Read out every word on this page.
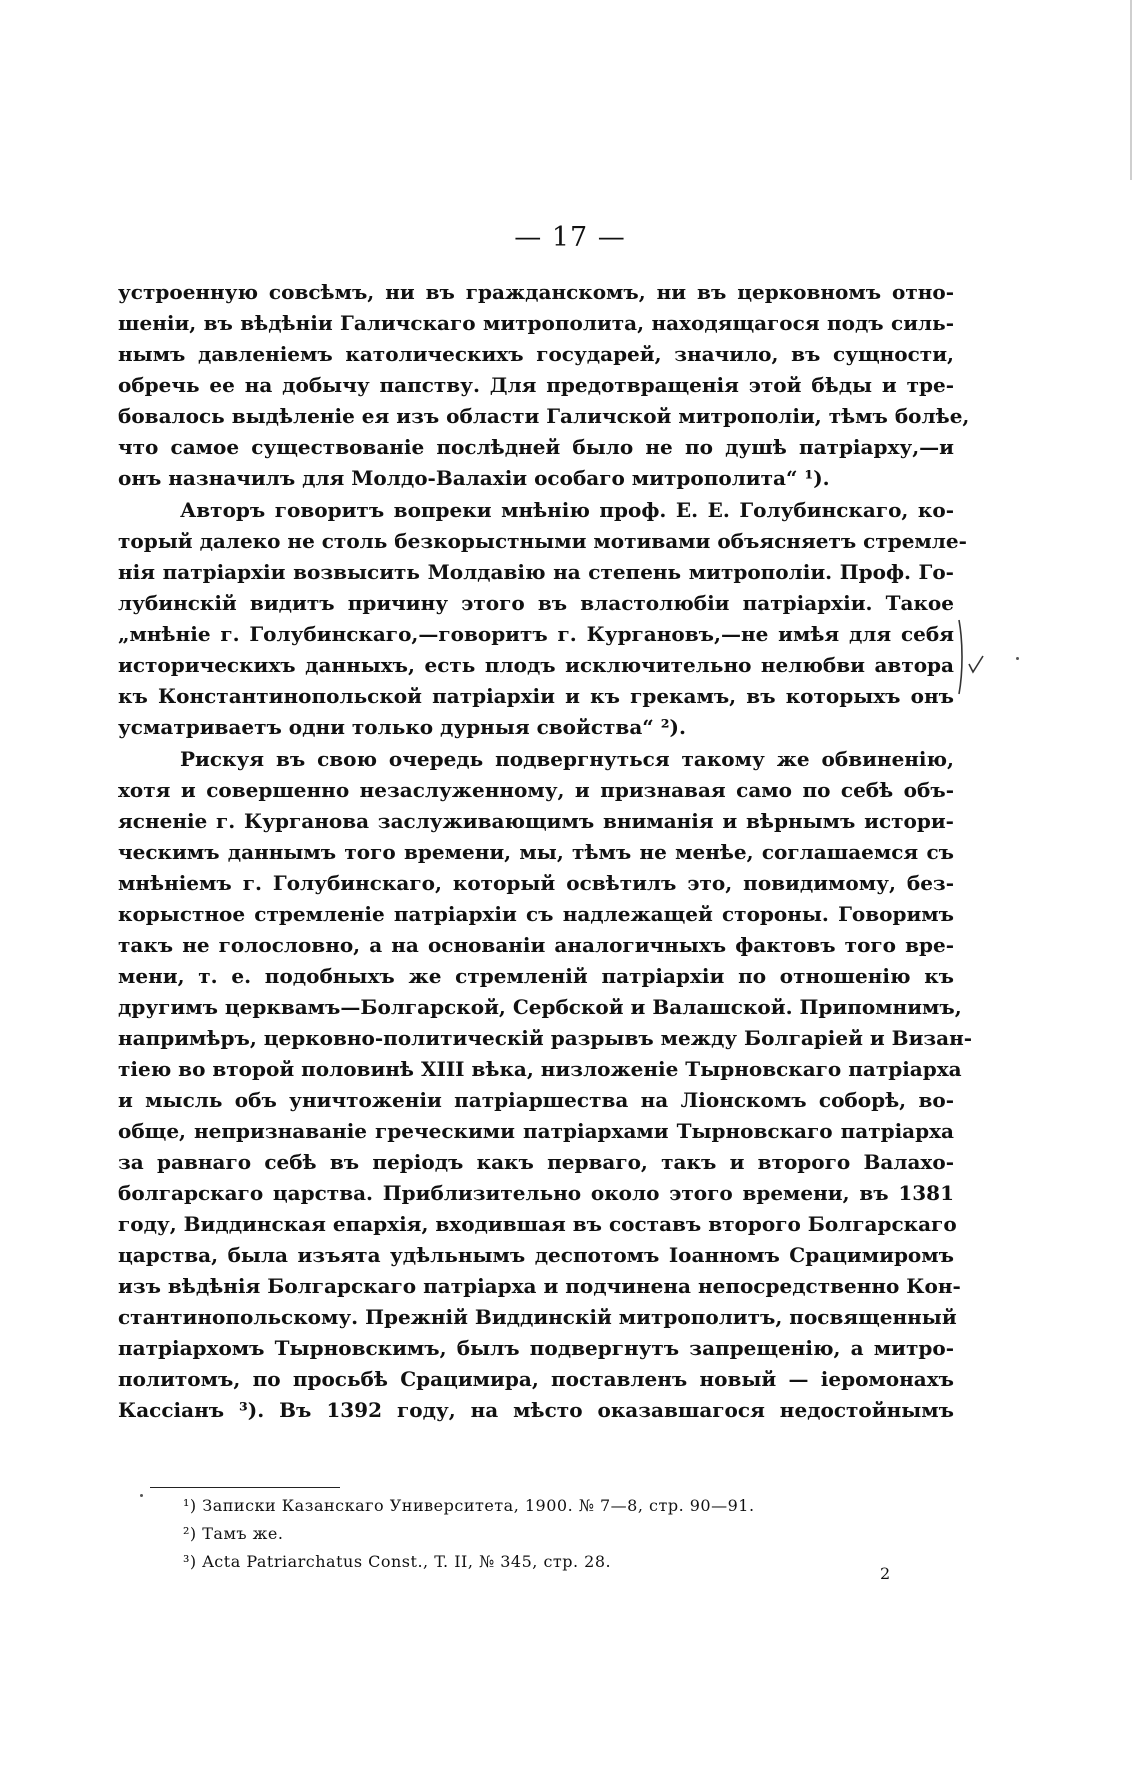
— 17 —
устроенную совсѣмъ, ни въ гражданскомъ, ни въ церковномъ отно-
шеніи, въ вѣдѣніи Галичскаго митрополита, находящагося подъ силь-
нымъ давленіемъ католическихъ государей, значило, въ сущности,
обречь ее на добычу папству. Для предотвращенія этой бѣды и тре-
бовалось выдѣленіе ея изъ области Галичской митрополіи, тѣмъ болѣе,
что самое существованіе послѣдней было не по душѣ патріарху,—и
онъ назначилъ для Молдо-Валахіи особаго митрополита“ ¹).
Авторъ говоритъ вопреки мнѣнію проф. Е. Е. Голубинскаго, ко-
торый далеко не столь безкорыстными мотивами объясняетъ стремле-
нія патріархіи возвысить Молдавію на степень митрополіи. Проф. Го-
лубинскій видитъ причину этого въ властолюбіи патріархіи. Такое
„мнѣніе г. Голубинскаго,—говоритъ г. Кургановъ,—не имѣя для себя
историческихъ данныхъ, есть плодъ исключительно нелюбви автора
къ Константинопольской патріархіи и къ грекамъ, въ которыхъ онъ
усматриваетъ одни только дурныя свойства“ ²).
Рискуя въ свою очередь подвергнуться такому же обвиненію,
хотя и совершенно незаслуженному, и признавая само по себѣ объ-
ясненіе г. Курганова заслуживающимъ вниманія и вѣрнымъ истори-
ческимъ даннымъ того времени, мы, тѣмъ не менѣе, соглашаемся съ
мнѣніемъ г. Голубинскаго, который освѣтилъ это, повидимому, без-
корыстное стремленіе патріархіи съ надлежащей стороны. Говоримъ
такъ не голословно, а на основаніи аналогичныхъ фактовъ того вре-
мени, т. е. подобныхъ же стремленій патріархіи по отношенію къ
другимъ церквамъ—Болгарской, Сербской и Валашской. Припомнимъ,
напримѣръ, церковно-политическій разрывъ между Болгаріей и Визан-
тіею во второй половинѣ XIII вѣка, низложеніе Тырновскаго патріарха
и мысль объ уничтоженіи патріаршества на Ліонскомъ соборѣ, во-
обще, непризнаваніе греческими патріархами Тырновскаго патріарха
за равнаго себѣ въ періодъ какъ перваго, такъ и второго Валахо-
болгарскаго царства. Приблизительно около этого времени, въ 1381
году, Виддинская епархія, входившая въ составъ второго Болгарскаго
царства, была изъята удѣльнымъ деспотомъ Іоанномъ Срацимиромъ
изъ вѣдѣнія Болгарскаго патріарха и подчинена непосредственно Кон-
стантинопольскому. Прежній Виддинскій митрополитъ, посвященный
патріархомъ Тырновскимъ, былъ подвергнутъ запрещенію, а митро-
политомъ, по просьбѣ Срацимира, поставленъ новый — іеромонахъ
Кассіанъ ³). Въ 1392 году, на мѣсто оказавшагося недостойнымъ
¹) Записки Казанскаго Университета, 1900. № 7—8, стр. 90—91.
²) Тамъ же.
³) Acta Patriarchatus Const., T. II, № 345, стр. 28.
2
